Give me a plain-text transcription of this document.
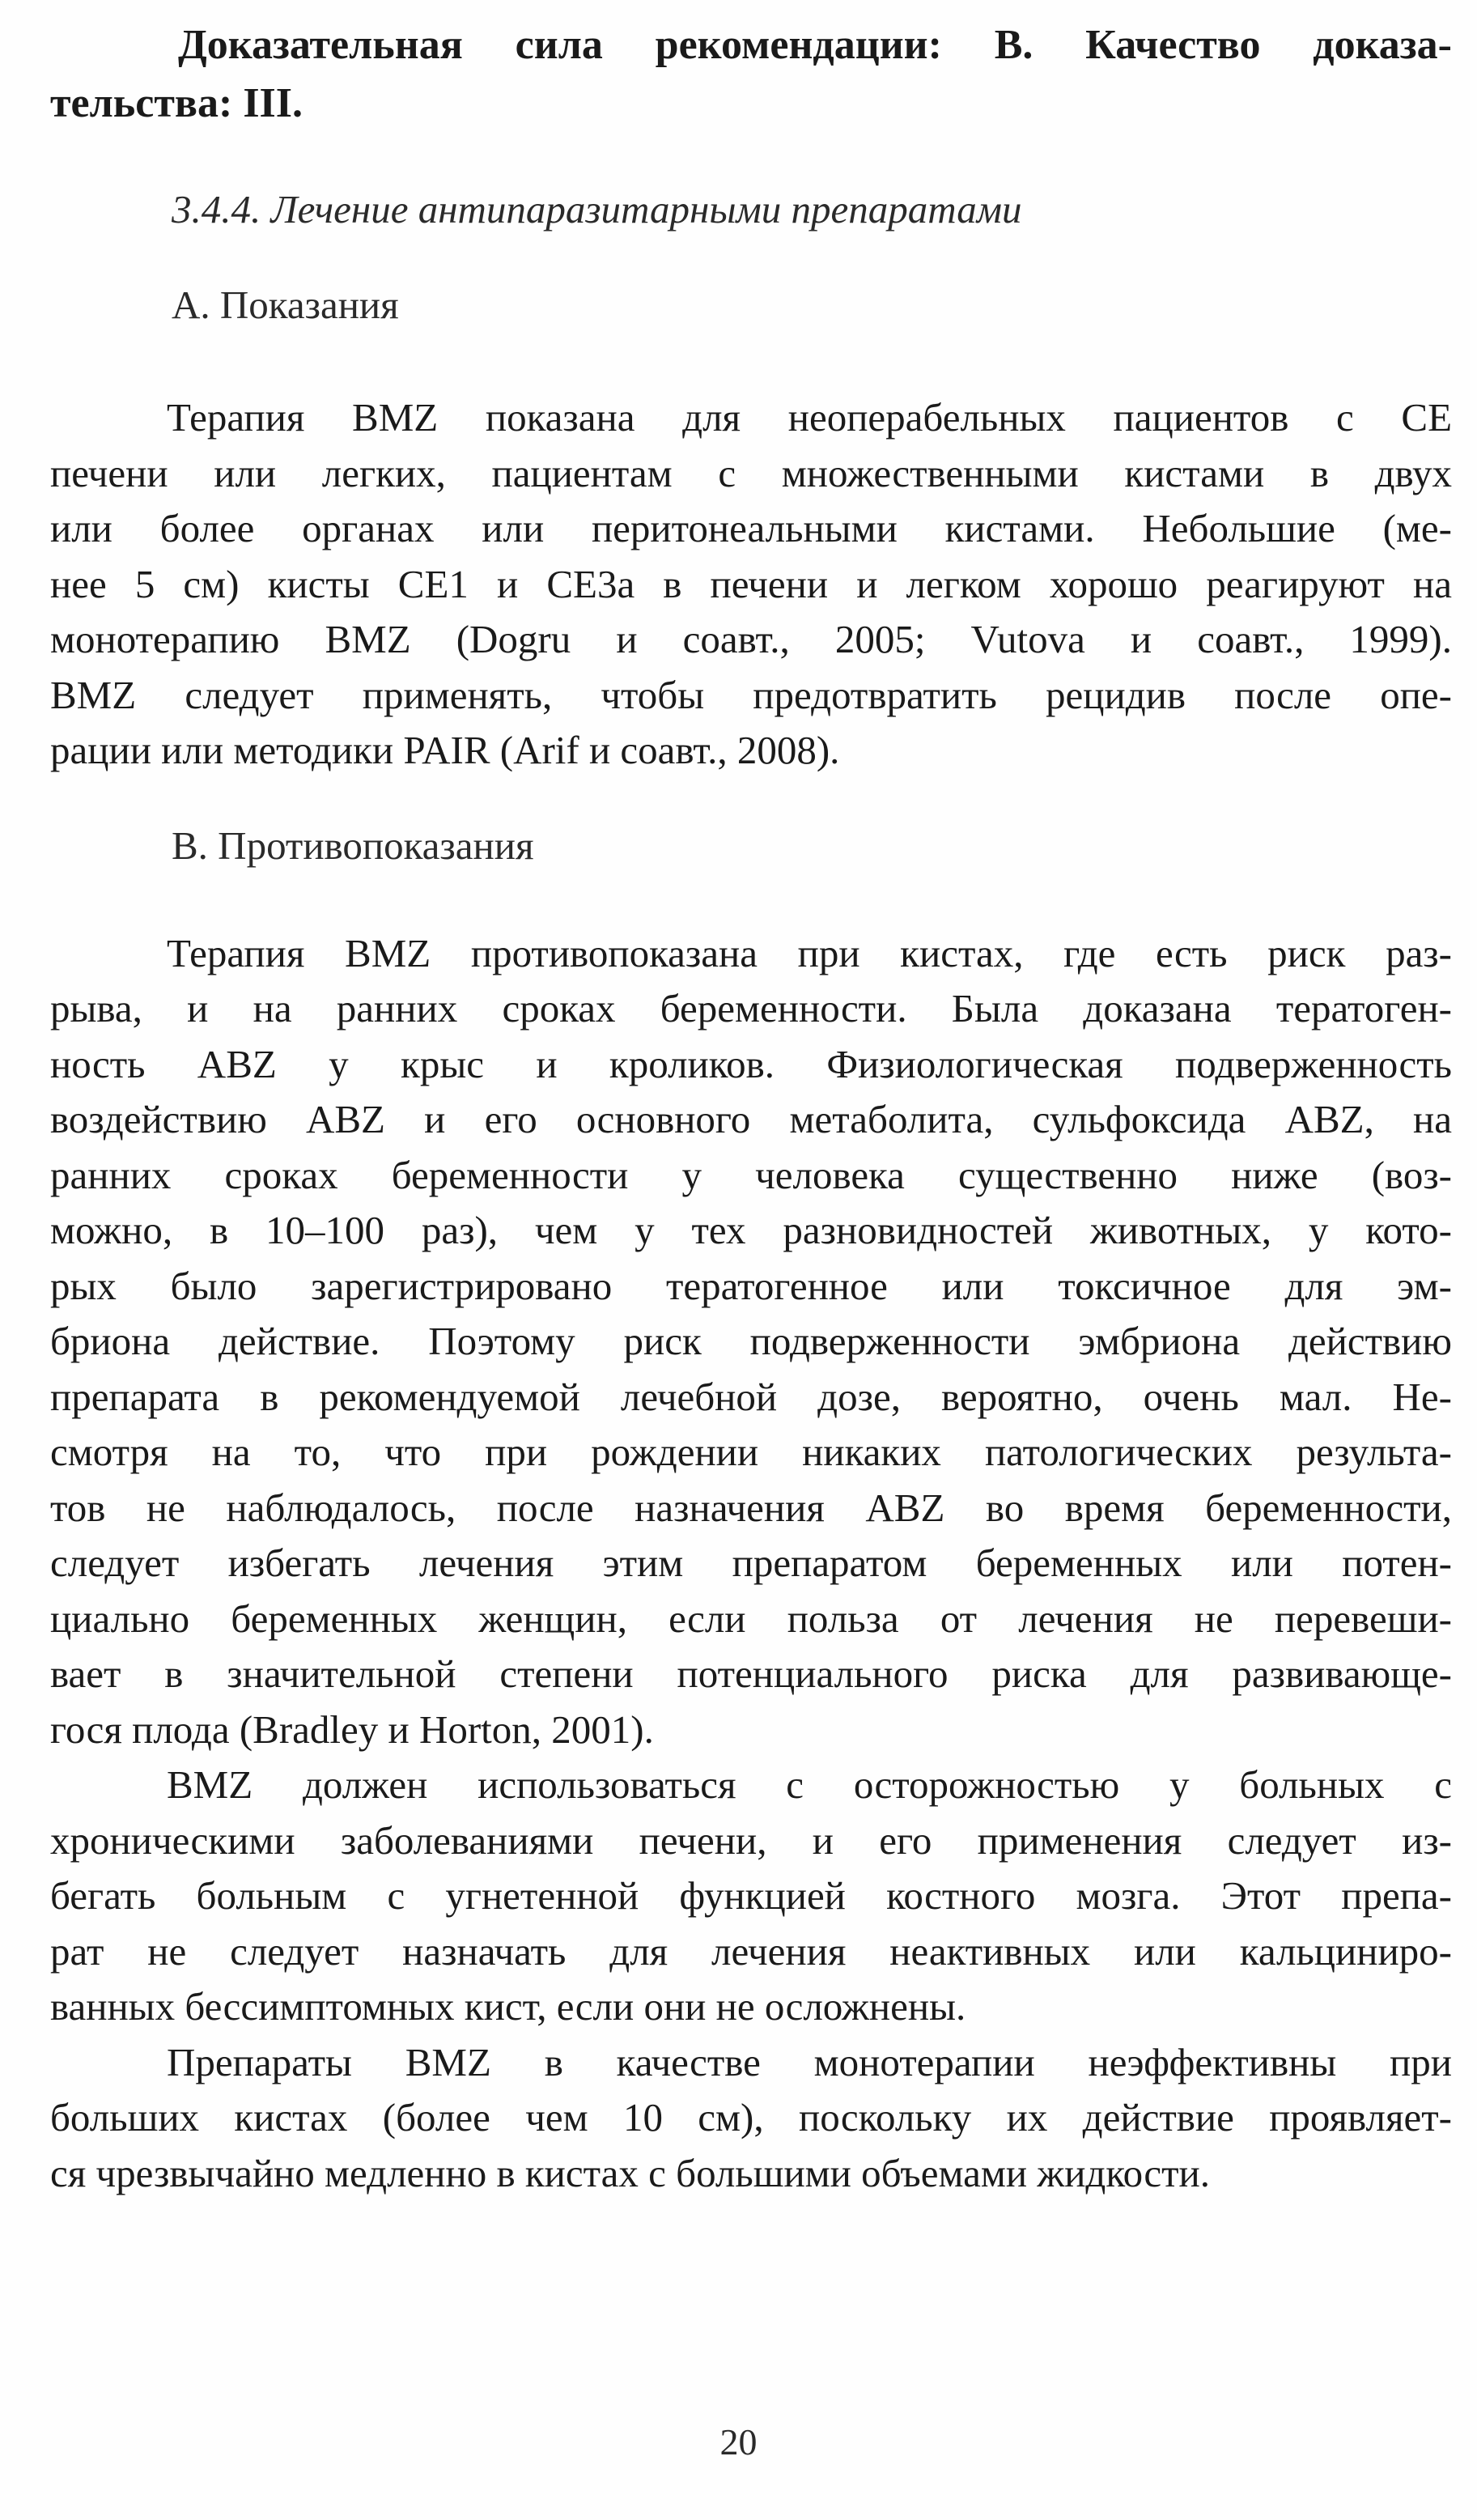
Доказательная сила рекомендации: В. Качество доказа-

тельства: III.

3.4.4. Лечение антипаразитарными препаратами

А. Показания

Терапия BMZ показана для неоперабельных пациентов с СЕ
печени или легких, пациентам с множественными кистами в двух
или более органах или перитонеальными кистами. Небольшие (ме-
нее 5 см) кисты СЕ1 и СЕ3а в печени и легком хорошо реагируют на
монотерапию BMZ (Dogru и соавт., 2005; Vutova и соавт., 1999).
BMZ следует применять, чтобы предотвратить рецидив после опе-
рации или методики PAIR (Arif и соавт., 2008).

В. Противопоказания

Терапия BMZ противопоказана при кистах, где есть риск раз-
рыва, и на ранних сроках беременности. Была доказана тератоген-
ность ABZ у крыс и кроликов. Физиологическая подверженность
воздействию ABZ и его основного метаболита, сульфоксида ABZ, на
ранних сроках беременности у человека существенно ниже (воз-
можно, в 10–100 раз), чем у тех разновидностей животных, у кото-
рых было зарегистрировано тератогенное или токсичное для эм-
бриона действие. Поэтому риск подверженности эмбриона действию
препарата в рекомендуемой лечебной дозе, вероятно, очень мал. Не-
смотря на то, что при рождении никаких патологических результа-
тов не наблюдалось, после назначения ABZ во время беременности,
следует избегать лечения этим препаратом беременных или потен-
циально беременных женщин, если польза от лечения не перевеши-
вает в значительной степени потенциального риска для развивающе-
гося плода (Bradley и Horton, 2001).
BMZ должен использоваться с осторожностью у больных с
хроническими заболеваниями печени, и его применения следует из-
бегать больным с угнетенной функцией костного мозга. Этот препа-
рат не следует назначать для лечения неактивных или кальциниро-
ванных бессимптомных кист, если они не осложнены.
Препараты BMZ в качестве монотерапии неэффективны при
больших кистах (более чем 10 см), поскольку их действие проявляет-
ся чрезвычайно медленно в кистах с большими объемами жидкости.
20
